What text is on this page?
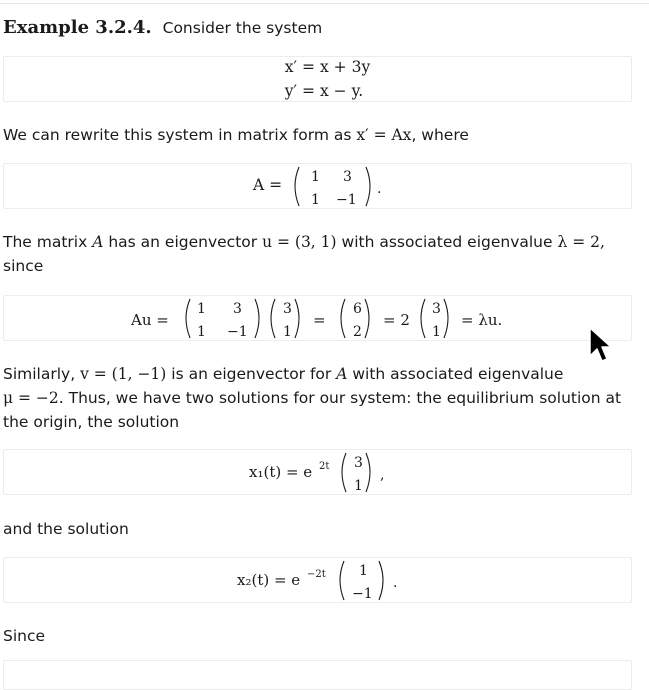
Example 3.2.4. Consider the system
x′ = x + 3y
y′ = x − y.
We can rewrite this system in matrix form as x′ = Ax, where
A = 1 3
1 −1
.
The matrix A has an eigenvector u = (3, 1) with associated eigenvalue λ = 2,
since
Au =
1 3
1 −1
3
1
=
6
2
= 2
3
1
= λu.
Similarly, v = (1, −1) is an eigenvector for A with associated eigenvalue
μ = −2. Thus, we have two solutions for our system: the equilibrium solution at
the origin, the solution
x₁(t) = e 2t 3
1
,
and the solution
x₂(t) = e −2t 1
−1
.
Since
